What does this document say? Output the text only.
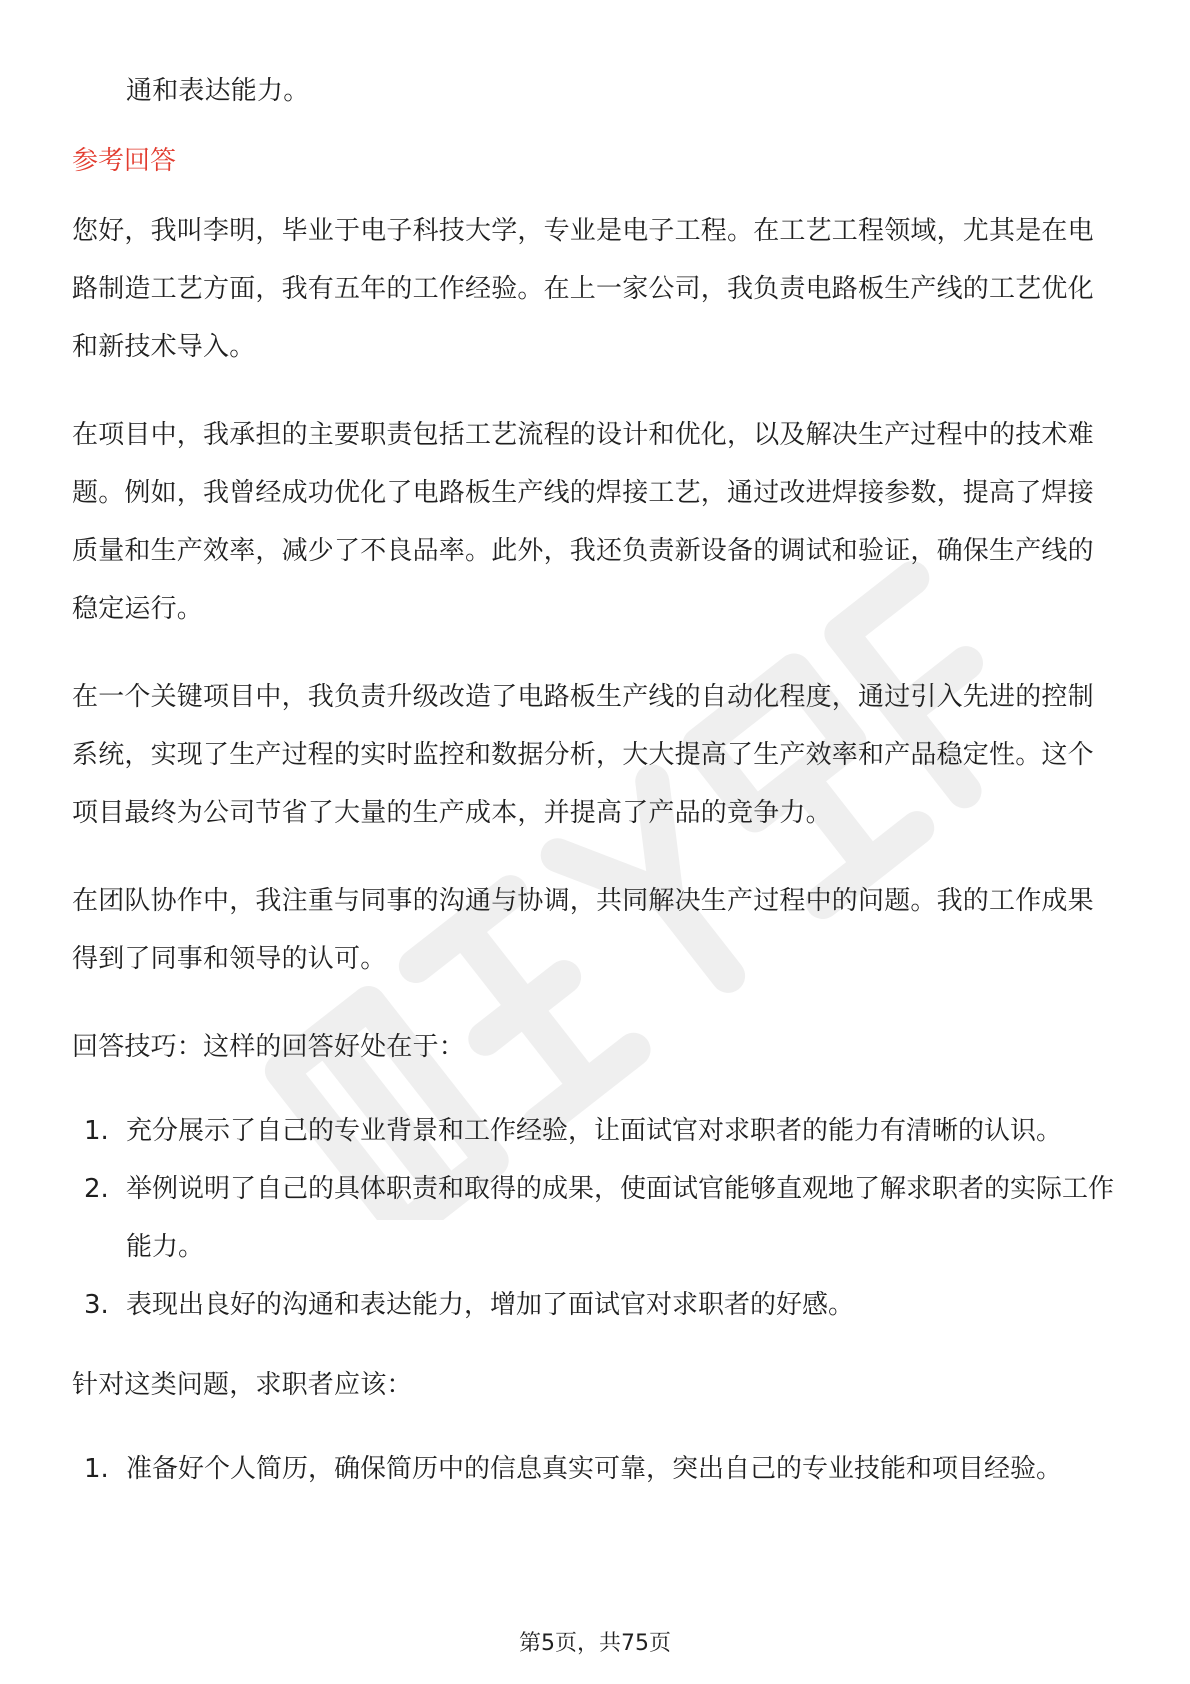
通和表达能力。

参考回答

您好，我叫李明，毕业于电子科技大学，专业是电子工程。在工艺工程领域，尤其是在电路制造工艺方面，我有五年的工作经验。在上一家公司，我负责电路板生产线的工艺优化和新技术导入。

在项目中，我承担的主要职责包括工艺流程的设计和优化，以及解决生产过程中的技术难题。例如，我曾经成功优化了电路板生产线的焊接工艺，通过改进焊接参数，提高了焊接质量和生产效率，减少了不良品率。此外，我还负责新设备的调试和验证，确保生产线的稳定运行。

在一个关键项目中，我负责升级改造了电路板生产线的自动化程度，通过引入先进的控制系统，实现了生产过程的实时监控和数据分析，大大提高了生产效率和产品稳定性。这个项目最终为公司节省了大量的生产成本，并提高了产品的竞争力。

在团队协作中，我注重与同事的沟通与协调，共同解决生产过程中的问题。我的工作成果得到了同事和领导的认可。

回答技巧：这样的回答好处在于：

1. 充分展示了自己的专业背景和工作经验，让面试官对求职者的能力有清晰的认识。
2. 举例说明了自己的具体职责和取得的成果，使面试官能够直观地了解求职者的实际工作能力。
3. 表现出良好的沟通和表达能力，增加了面试官对求职者的好感。

针对这类问题，求职者应该：

1. 准备好个人简历，确保简历中的信息真实可靠，突出自己的专业技能和项目经验。
第5页，共75页
